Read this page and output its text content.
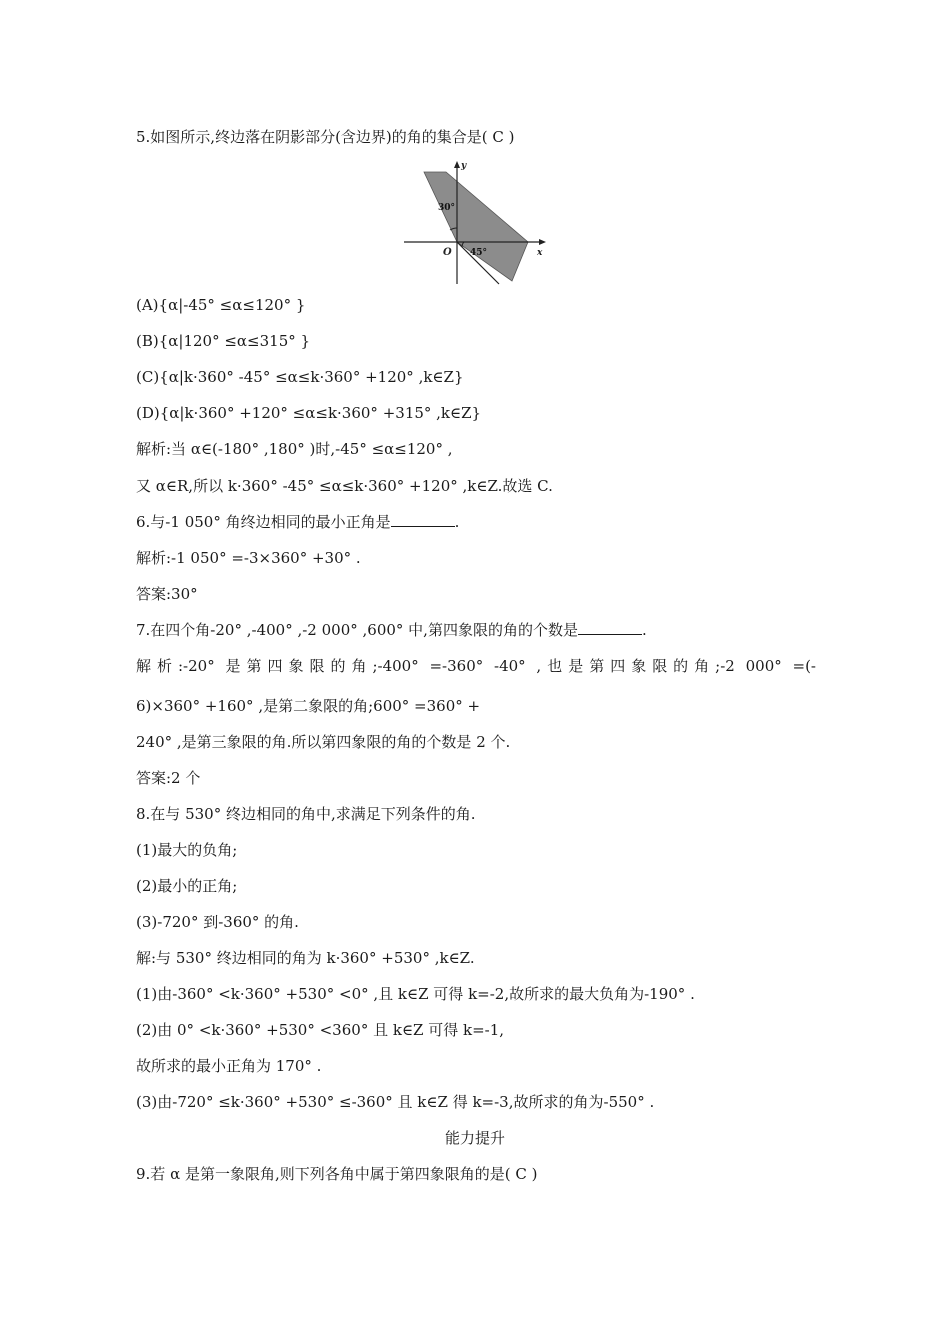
5.如图所示,终边落在阴影部分(含边界)的角的集合是( C )

y
x
O
30°
45°

(A){α|-45° ≤α≤120° }

(B){α|120° ≤α≤315° }

(C){α|k·360° -45° ≤α≤k·360° +120° ,k∈Z}

(D){α|k·360° +120° ≤α≤k·360° +315° ,k∈Z}

解析:当 α∈(-180° ,180° )时,-45° ≤α≤120° ,

又 α∈R,所以 k·360° -45° ≤α≤k·360° +120° ,k∈Z.故选 C.

6.与-1 050° 角终边相同的最小正角是	.

解析:-1 050° =-3×360° +30° .

答案:30°

7.在四个角-20° ,-400° ,-2 000° ,600° 中,第四象限的角的个数是	.

解析:-20° 是第四象限的角;-400° =-360° -40° ,也是第四象限的角;-2 000° =(-

6)×360° +160° ,是第二象限的角;600° =360° +

240° ,是第三象限的角.所以第四象限的角的个数是 2 个.

答案:2 个

8.在与 530° 终边相同的角中,求满足下列条件的角.

(1)最大的负角;

(2)最小的正角;

(3)-720° 到-360° 的角.

解:与 530° 终边相同的角为 k·360° +530° ,k∈Z.

(1)由-360° <k·360° +530° <0° ,且 k∈Z 可得 k=-2,故所求的最大负角为-190° .

(2)由 0° <k·360° +530° <360° 且 k∈Z 可得 k=-1,

故所求的最小正角为 170° .

(3)由-720° ≤k·360° +530° ≤-360° 且 k∈Z 得 k=-3,故所求的角为-550° .

能力提升

9.若 α 是第一象限角,则下列各角中属于第四象限角的是( C )
